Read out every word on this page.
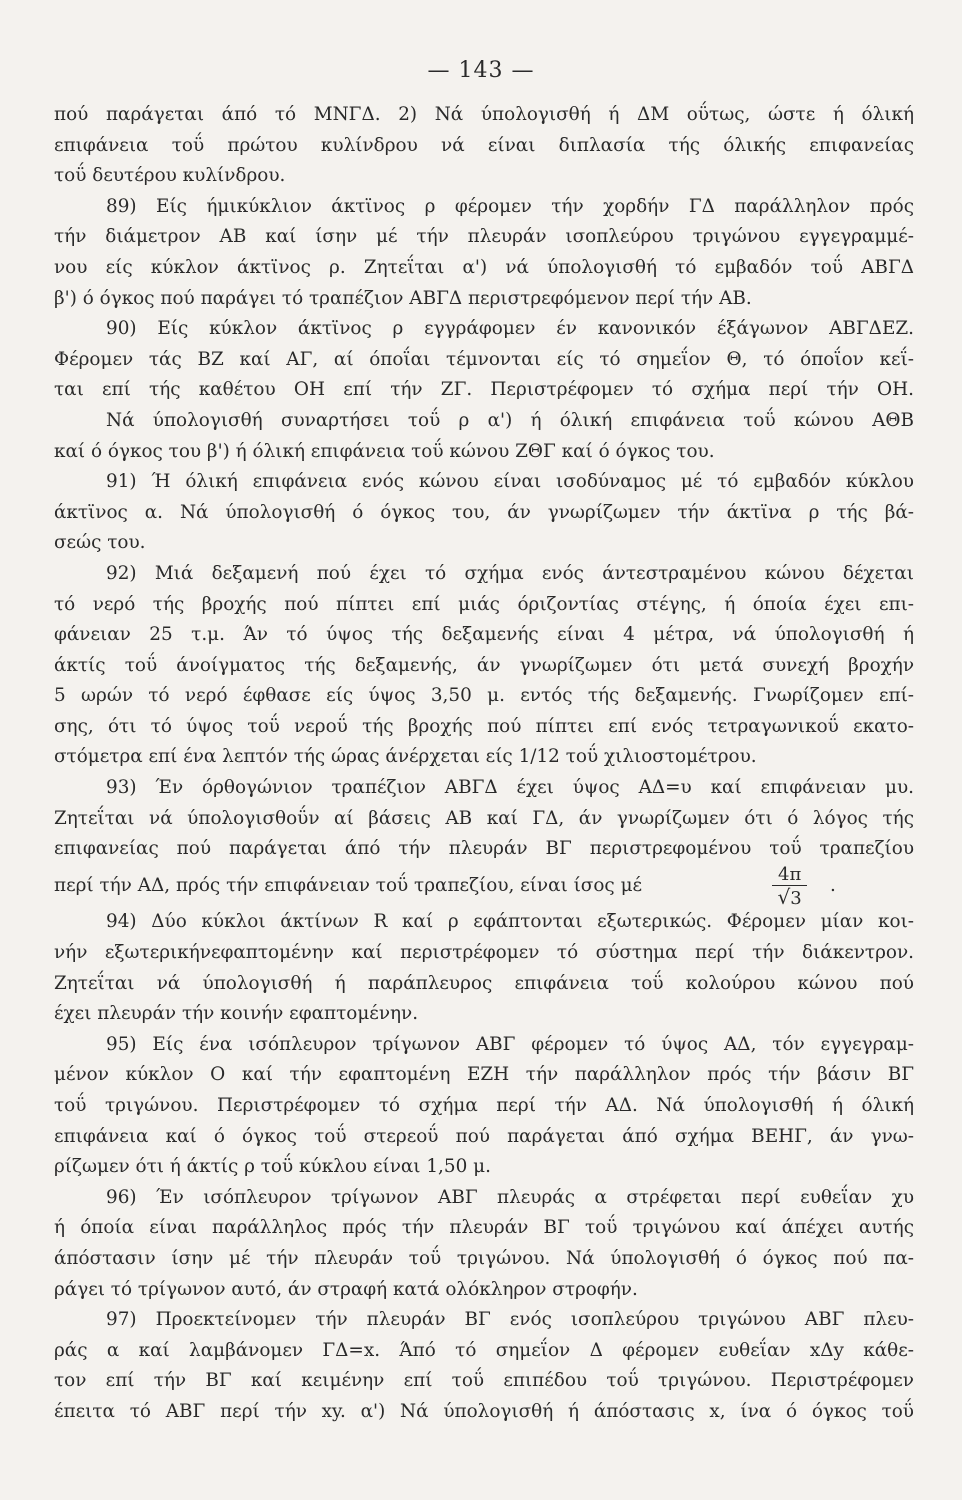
— 143 —
πού παράγεται άπό τό ΜΝΓΔ. 2) Νά ύπολογισθή ή ΔΜ οΰτως, ώστε ή όλική
επιφάνεια τοΰ πρώτου κυλίνδρου νά είναι διπλασία τής όλικής επιφανείας
τοΰ δευτέρου κυλίνδρου.
89) Είς ήμικύκλιον άκτϊνος ρ φέρομεν τήν χορδήν ΓΔ παράλληλον πρός
τήν διάμετρον ΑΒ καί ίσην μέ τήν πλευράν ισοπλεύρου τριγώνου εγγεγραμμέ-
νου είς κύκλον άκτϊνος ρ. Ζητεΐται α') νά ύπολογισθή τό εμβαδόν τοΰ ΑΒΓΔ
β') ό όγκος πού παράγει τό τραπέζιον ΑΒΓΔ περιστρεφόμενον περί τήν ΑΒ.
90) Είς κύκλον άκτϊνος ρ εγγράφομεν έν κανονικόν έξάγωνον ΑΒΓΔΕΖ.
Φέρομεν τάς ΒΖ καί ΑΓ, αί όποΐαι τέμνονται είς τό σημεΐον Θ, τό όποΐον κεΐ-
ται επί τής καθέτου ΟΗ επί τήν ΖΓ. Περιστρέφομεν τό σχήμα περί τήν ΟΗ.
Νά ύπολογισθή συναρτήσει τοΰ ρ α') ή όλική επιφάνεια τοΰ κώνου ΑΘΒ
καί ό όγκος του β') ή όλική επιφάνεια τοΰ κώνου ΖΘΓ καί ό όγκος του.
91) Ή όλική επιφάνεια ενός κώνου είναι ισοδύναμος μέ τό εμβαδόν κύκλου
άκτϊνος α. Νά ύπολογισθή ό όγκος του, άν γνωρίζωμεν τήν άκτϊνα ρ τής βά-
σεώς του.
92) Μιά δεξαμενή πού έχει τό σχήμα ενός άντεστραμένου κώνου δέχεται
τό νερό τής βροχής πού πίπτει επί μιάς όριζοντίας στέγης, ή όποία έχει επι-
φάνειαν 25 τ.μ. Άν τό ύψος τής δεξαμενής είναι 4 μέτρα, νά ύπολογισθή ή
άκτίς τοΰ άνοίγματος τής δεξαμενής, άν γνωρίζωμεν ότι μετά συνεχή βροχήν
5 ωρών τό νερό έφθασε είς ύψος 3,50 μ. εντός τής δεξαμενής. Γνωρίζομεν επί-
σης, ότι τό ύψος τοΰ νεροΰ τής βροχής πού πίπτει επί ενός τετραγωνικοΰ εκατο-
στόμετρα επί ένα λεπτόν τής ώρας άνέρχεται είς 1/12 τοΰ χιλιοστομέτρου.
93) Έν όρθογώνιον τραπέζιον ΑΒΓΔ έχει ύψος ΑΔ=υ καί επιφάνειαν μυ.
Ζητεΐται νά ύπολογισθοΰν αί βάσεις ΑΒ καί ΓΔ, άν γνωρίζωμεν ότι ό λόγος τής
επιφανείας πού παράγεται άπό τήν πλευράν ΒΓ περιστρεφομένου τοΰ τραπεζίου
περί τήν ΑΔ, πρός τήν επιφάνειαν τοΰ τραπεζίου, είναι ίσος μέ	$\frac{4\pi}{√3}$ .
94) Δύο κύκλοι άκτίνων R καί ρ εφάπτονται εξωτερικώς. Φέρομεν μίαν κοι-
νήν εξωτερικήνεφαπτομένην καί περιστρέφομεν τό σύστημα περί τήν διάκεντρον.
Ζητεΐται νά ύπολογισθή ή παράπλευρος επιφάνεια τοΰ κολούρου κώνου πού
έχει πλευράν τήν κοινήν εφαπτομένην.
95) Είς ένα ισόπλευρον τρίγωνον ΑΒΓ φέρομεν τό ύψος ΑΔ, τόν εγγεγραμ-
μένον κύκλον Ο καί τήν εφαπτομένη ΕΖΗ τήν παράλληλον πρός τήν βάσιν ΒΓ
τοΰ τριγώνου. Περιστρέφομεν τό σχήμα περί τήν ΑΔ. Νά ύπολογισθή ή όλική
επιφάνεια καί ό όγκος τοΰ στερεοΰ πού παράγεται άπό σχήμα ΒΕΗΓ, άν γνω-
ρίζωμεν ότι ή άκτίς ρ τοΰ κύκλου είναι 1,50 μ.
96) Έν ισόπλευρον τρίγωνον ΑΒΓ πλευράς α στρέφεται περί ευθεΐαν χυ
ή όποία είναι παράλληλος πρός τήν πλευράν ΒΓ τοΰ τριγώνου καί άπέχει αυτής
άπόστασιν ίσην μέ τήν πλευράν τοΰ τριγώνου. Νά ύπολογισθή ό όγκος πού πα-
ράγει τό τρίγωνον αυτό, άν στραφή κατά ολόκληρον στροφήν.
97) Προεκτείνομεν τήν πλευράν ΒΓ ενός ισοπλεύρου τριγώνου ΑΒΓ πλευ-
ράς α καί λαμβάνομεν ΓΔ=x. Άπό τό σημεΐον Δ φέρομεν ευθεΐαν xΔy κάθε-
τον επί τήν ΒΓ καί κειμένην επί τοΰ επιπέδου τοΰ τριγώνου. Περιστρέφομεν
έπειτα τό ΑΒΓ περί τήν xy. α') Νά ύπολογισθή ή άπόστασις x, ίνα ό όγκος τοΰ
